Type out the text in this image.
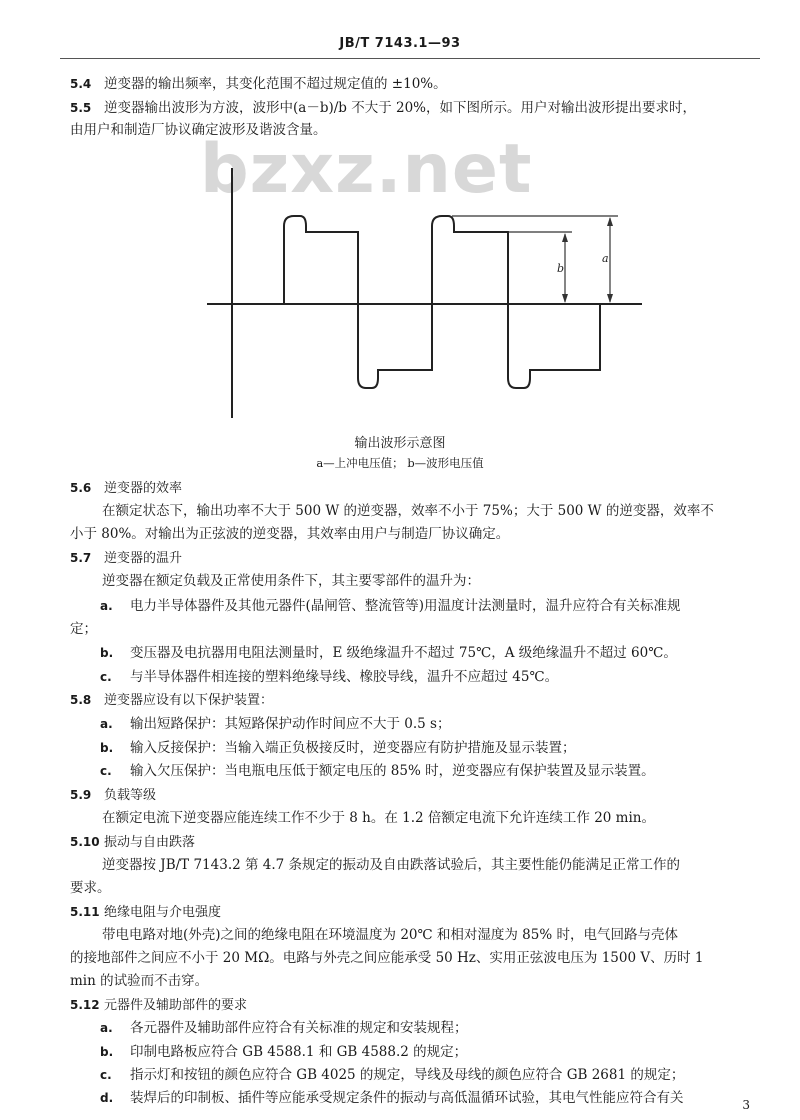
JB/T 7143.1—93
bzxz.net
5.4 逆变器的输出频率，其变化范围不超过规定值的 ±10%。
5.5 逆变器输出波形为方波，波形中(a－b)/b 不大于 20%，如下图所示。用户对输出波形提出要求时，
由用户和制造厂协议确定波形及谐波含量。
b
a
输出波形示意图
a—上冲电压值； b—波形电压值
5.6 逆变器的效率
在额定状态下，输出功率不大于 500 W 的逆变器，效率不小于 75%；大于 500 W 的逆变器，效率不
小于 80%。对输出为正弦波的逆变器，其效率由用户与制造厂协议确定。
5.7 逆变器的温升
逆变器在额定负载及正常使用条件下，其主要零部件的温升为：
a. 电力半导体器件及其他元器件(晶闸管、整流管等)用温度计法测量时，温升应符合有关标准规
定；
b. 变压器及电抗器用电阻法测量时，E 级绝缘温升不超过 75℃，A 级绝缘温升不超过 60℃。
c. 与半导体器件相连接的塑料绝缘导线、橡胶导线，温升不应超过 45℃。
5.8 逆变器应设有以下保护装置：
a. 输出短路保护：其短路保护动作时间应不大于 0.5 s；
b. 输入反接保护：当输入端正负极接反时，逆变器应有防护措施及显示装置；
c. 输入欠压保护：当电瓶电压低于额定电压的 85% 时，逆变器应有保护装置及显示装置。
5.9 负载等级
在额定电流下逆变器应能连续工作不少于 8 h。在 1.2 倍额定电流下允许连续工作 20 min。
5.10 振动与自由跌落
逆变器按 JB/T 7143.2 第 4.7 条规定的振动及自由跌落试验后，其主要性能仍能满足正常工作的
要求。
5.11 绝缘电阻与介电强度
带电电路对地(外壳)之间的绝缘电阻在环境温度为 20℃ 和相对湿度为 85% 时，电气回路与壳体
的接地部件之间应不小于 20 MΩ。电路与外壳之间应能承受 50 Hz、实用正弦波电压为 1500 V、历时 1
min 的试验而不击穿。
5.12 元器件及辅助部件的要求
a. 各元器件及辅助部件应符合有关标准的规定和安装规程；
b. 印制电路板应符合 GB 4588.1 和 GB 4588.2 的规定；
c. 指示灯和按钮的颜色应符合 GB 4025 的规定，导线及母线的颜色应符合 GB 2681 的规定；
d. 装焊后的印制板、插件等应能承受规定条件的振动与高低温循环试验，其电气性能应符合有关	3
